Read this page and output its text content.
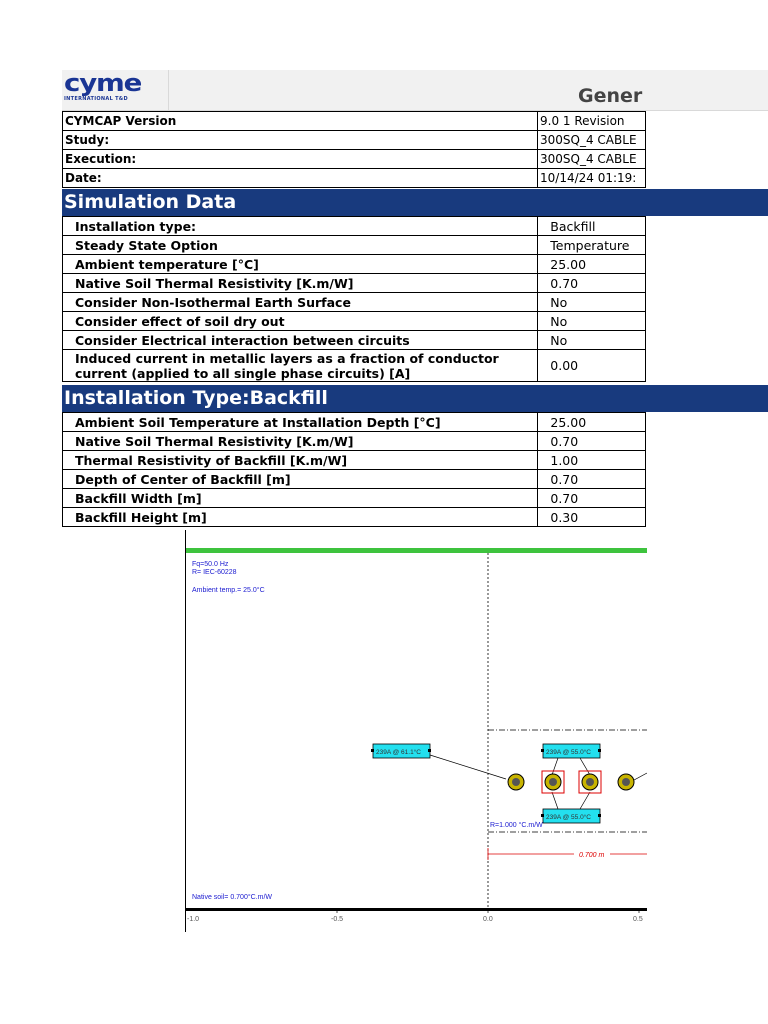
cyme
INTERNATIONAL T&D	Gener
CYMCAP Version	9.0 1 Revision
Study:	300SQ_4 CABLE
Execution:	300SQ_4 CABLE
Date:	10/14/24 01:19:
Simulation Data
Installation type:	Backfill
Steady State Option	Temperature
Ambient temperature [°C]	25.00
Native Soil Thermal Resistivity [K.m/W]	0.70
Consider Non-Isothermal Earth Surface	No
Consider effect of soil dry out	No
Consider Electrical interaction between circuits	No

Induced current in metallic layers as a fraction of conductor
current (applied to all single phase circuits) [A]	0.00
Installation Type:Backfill
Ambient Soil Temperature at Installation Depth [°C]	25.00
Native Soil Thermal Resistivity [K.m/W]	0.70
Thermal Resistivity of Backfill [K.m/W]	1.00
Depth of Center of Backfill [m]	0.70
Backfill Width [m]	0.70
Backfill Height [m]	0.30
Fq=50.0 Hz
R= IEC-60228
Ambient temp.= 25.0°C
Native soil= 0.700°C.m/W
R=1.000 °C.m/W
0.700 m
239A @ 61.1°C	239A @ 55.0°C
239A @ 55.0°C
-1.0	-0.5	0.0	0.5
